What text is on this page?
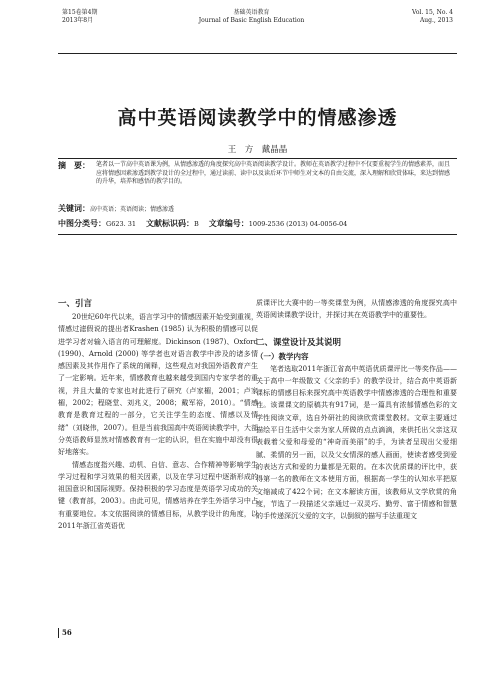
第15卷第4期
2013年8月
基础英语教育
Journal of Basic English Education
Vol. 15, No. 4
Aug., 2013
高中英语阅读教学中的情感渗透
王　方　戴晶晶
摘　要： 笔者以一节高中英语课为例，从情感渗透的角度探究高中英语阅读教学设计。教师在英语教学过程中不仅要重视学生的情感素养，而且应将情感因素渗透到教学设计的全过程中，通过读前、读中以及读后环节中师生对文本的自由交流，深入理解和欣赏体味，来达到情感的升华，培养和感悟的教学目的。
关键词：高中英语；英语阅读；情感渗透
中图分类号：G623. 31 文献标识码：B 文章编号：1009-2536 (2013) 04-0056-04
一、引言

20世纪60年代以来，语言学习中的情感因素开始受到重视，情感过滤假说的提出者Krashen (1985) 认为积极的情感可以促进学习者对输入语言的可理解度。Dickinson (1987)、Oxford (1990)、Arnold (2000) 等学者也对语言教学中涉及的诸多情感因素及其作用作了系统的阐释，这些观点对我国外语教育产生了一定影响。近年来，情感教育也越来越受到国内专家学者的重视，并且大量的专家也对此进行了研究（卢家楣，2001；卢家楣，2002；程晓堂、刘兆义，2008；戴军裕，2010）。“情感教育是教育过程的一部分，它关注学生的态度、情感以及情绪”（刘晓伟，2007）。但是当前我国高中英语阅读教学中，大部分英语教师显然对情感教育有一定的认识，但在实施中却没有很好地落实。

情感态度指兴趣、动机、自信、意志、合作精神等影响学生学习过程和学习效果的相关因素，以及在学习过程中逐渐形成的祖国意识和国际视野。保持积极的学习态度是英语学习成功的关键（教育部，2003）。由此可见，情感培养在学生外语学习中占有重要地位。本文依据阅读的情感目标，从教学设计的角度，以2011年浙江省英语优

质课评比大赛中的一等奖课堂为例，从情感渗透的角度探究高中英语阅读课教学设计，并探讨其在英语教学中的重要性。

二、课堂设计及其说明
（一）教学内容

笔者选取2011年浙江省高中英语优质课评比一等奖作品——关于高中一年级散文《父亲的手》的教学设计，结合高中英语新课标的情感目标来探究高中英语教学中情感渗透的合理性和重要性。该课课文的原稿共有917词，是一篇具有浓郁情感色彩的文学性阅读文章，选自外研社的阅读欣赏课堂教材。文章主要通过描绘平日生活中父亲为家人所做的点点滴滴，来供托出父亲这双表载着父爱和母爱的“神奇而美丽”的手，为读者呈现出父爱细腻、柔情的另一面，以及父女情深的感人画面，使读者感受到爱的表达方式和爱的力量都是无限的。在本次优质课的评比中，获得第一名的教师在文本使用方面，根据高一学生的认知水平把原文缩减成了422个词；在文本解读方面，该教师从文学欣赏的角度，节选了一段描述父亲通过一双灵巧、勤劳、富于情感和智慧的手传递深沉父爱的文字，以倒叙的描写手法重现文

56
